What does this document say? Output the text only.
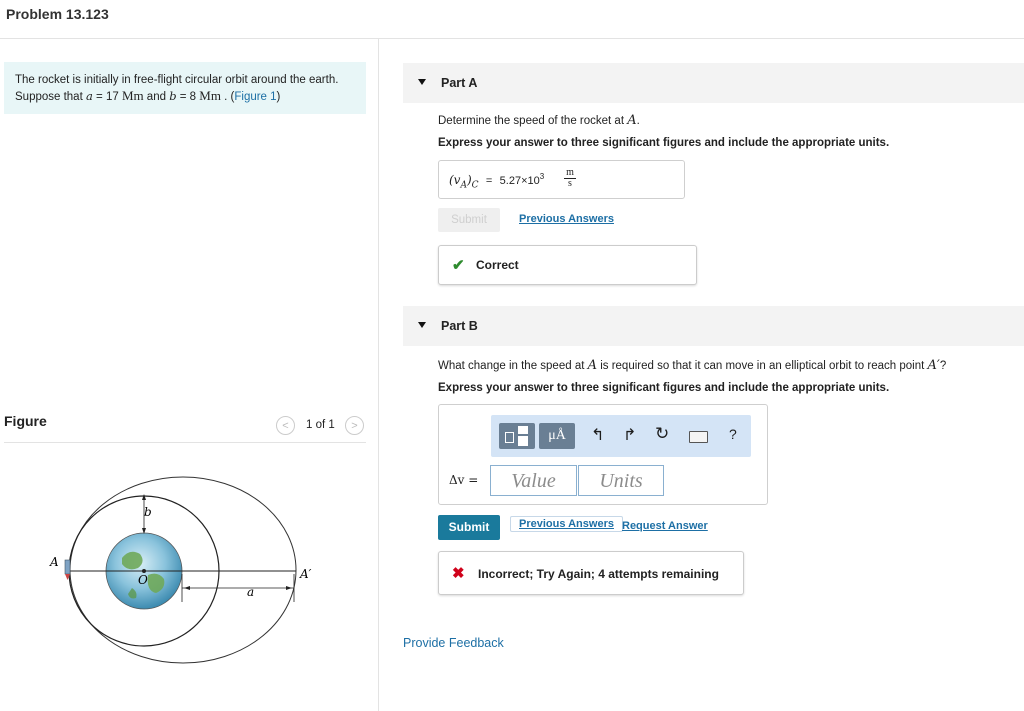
Problem 13.123
The rocket is initially in free-flight circular orbit around the earth. Suppose that a = 17 Mm and b = 8 Mm . (Figure 1)
Figure	<	1 of 1	>
A
A′
O
a
b
Part A
Determine the speed of the rocket at A.
Express your answer to three significant figures and include the appropriate units.
$(v_A)_C = 5.27\times 10^3 \frac{m}{s}$
Submit	Previous Answers
✔ Correct
Part B
What change in the speed at A is required so that it can move in an elliptical orbit to reach point A′?
Express your answer to three significant figures and include the appropriate units.
μÅ	↰ ↱ ↻	?
Δv =	Value	Units
Submit	Previous Answers Request Answer
✖ Incorrect; Try Again; 4 attempts remaining
Provide Feedback
